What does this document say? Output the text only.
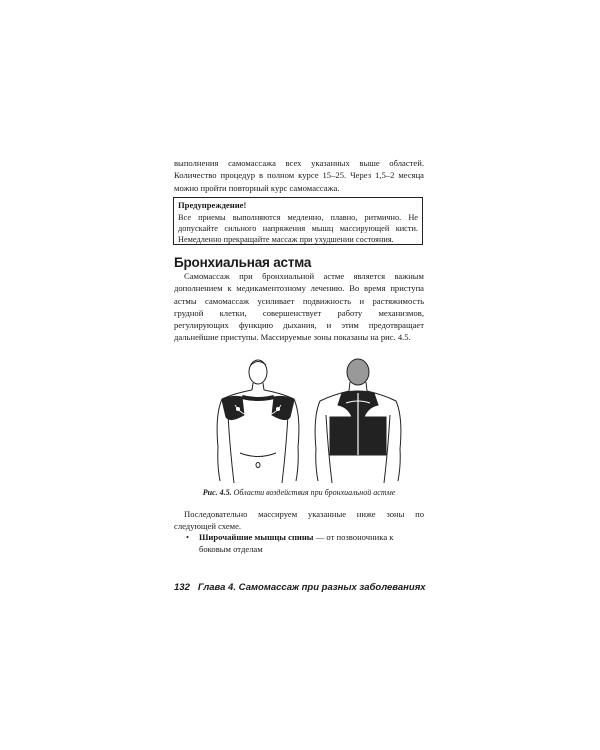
выполнения самомассажа всех указанных выше областей. Количество процедур в полном курсе 15–25. Через 1,5–2 месяца можно пройти повторный курс самомассажа.
Предупреждение!
Все приемы выполняются медленно, плавно, ритмично. Не допускайте сильного напряжения мышц массирующей кисти. Немедленно прекращайте массаж при ухудшении состояния.
Бронхиальная астма
Самомассаж при бронхиальной астме является важным дополнением к медикаментозному лечению. Во время приступа астмы самомассаж усиливает подвижность и растяжимость грудной клетки, совершенствует работу механизмов, регулирующих функцию дыхания, и этим предотвращает дальнейшие приступы. Массируемые зоны показаны на рис. 4.5.
Рис. 4.5. Области воздействия при бронхиальной астме
Последовательно массируем указанные ниже зоны по следующей схеме.
• Широчайшие мышцы спины — от позвоночника к боковым отделам
132 Глава 4. Самомассаж при разных заболеваниях
